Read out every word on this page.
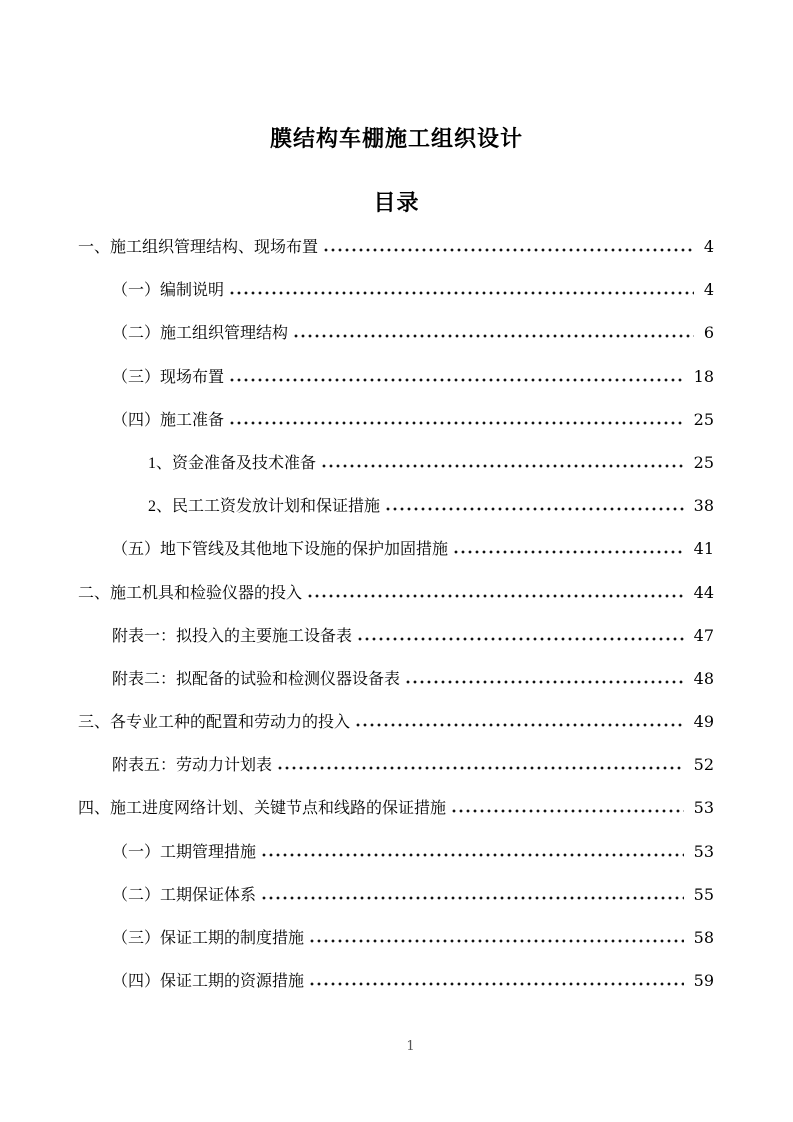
膜结构车棚施工组织设计
目录
一、施工组织管理结构、现场布置	4
（一）编制说明	4
（二）施工组织管理结构	6
（三）现场布置	18
（四）施工准备	25
1、资金准备及技术准备	25
2、民工工资发放计划和保证措施	38
（五）地下管线及其他地下设施的保护加固措施	41
二、施工机具和检验仪器的投入	44
附表一：拟投入的主要施工设备表	47
附表二：拟配备的试验和检测仪器设备表	48
三、各专业工种的配置和劳动力的投入	49
附表五：劳动力计划表	52
四、施工进度网络计划、关键节点和线路的保证措施	53
（一）工期管理措施	53
（二）工期保证体系	55
（三）保证工期的制度措施	58
（四）保证工期的资源措施	59
1
